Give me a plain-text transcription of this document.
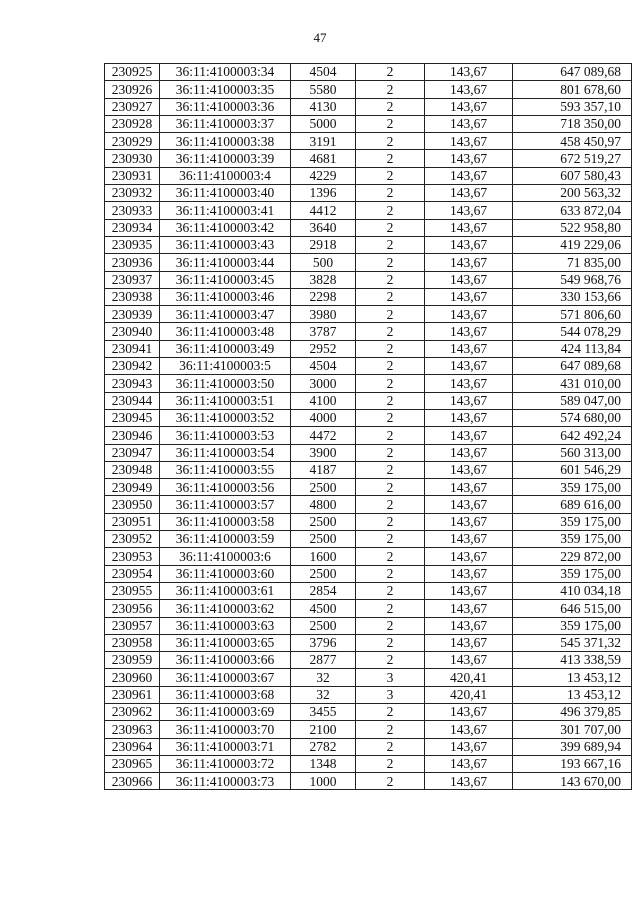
47
230925	36:11:4100003:34	4504	2	143,67	647 089,68
230926	36:11:4100003:35	5580	2	143,67	801 678,60
230927	36:11:4100003:36	4130	2	143,67	593 357,10
230928	36:11:4100003:37	5000	2	143,67	718 350,00
230929	36:11:4100003:38	3191	2	143,67	458 450,97
230930	36:11:4100003:39	4681	2	143,67	672 519,27
230931	36:11:4100003:4	4229	2	143,67	607 580,43
230932	36:11:4100003:40	1396	2	143,67	200 563,32
230933	36:11:4100003:41	4412	2	143,67	633 872,04
230934	36:11:4100003:42	3640	2	143,67	522 958,80
230935	36:11:4100003:43	2918	2	143,67	419 229,06
230936	36:11:4100003:44	500	2	143,67	71 835,00
230937	36:11:4100003:45	3828	2	143,67	549 968,76
230938	36:11:4100003:46	2298	2	143,67	330 153,66
230939	36:11:4100003:47	3980	2	143,67	571 806,60
230940	36:11:4100003:48	3787	2	143,67	544 078,29
230941	36:11:4100003:49	2952	2	143,67	424 113,84
230942	36:11:4100003:5	4504	2	143,67	647 089,68
230943	36:11:4100003:50	3000	2	143,67	431 010,00
230944	36:11:4100003:51	4100	2	143,67	589 047,00
230945	36:11:4100003:52	4000	2	143,67	574 680,00
230946	36:11:4100003:53	4472	2	143,67	642 492,24
230947	36:11:4100003:54	3900	2	143,67	560 313,00
230948	36:11:4100003:55	4187	2	143,67	601 546,29
230949	36:11:4100003:56	2500	2	143,67	359 175,00
230950	36:11:4100003:57	4800	2	143,67	689 616,00
230951	36:11:4100003:58	2500	2	143,67	359 175,00
230952	36:11:4100003:59	2500	2	143,67	359 175,00
230953	36:11:4100003:6	1600	2	143,67	229 872,00
230954	36:11:4100003:60	2500	2	143,67	359 175,00
230955	36:11:4100003:61	2854	2	143,67	410 034,18
230956	36:11:4100003:62	4500	2	143,67	646 515,00
230957	36:11:4100003:63	2500	2	143,67	359 175,00
230958	36:11:4100003:65	3796	2	143,67	545 371,32
230959	36:11:4100003:66	2877	2	143,67	413 338,59
230960	36:11:4100003:67	32	3	420,41	13 453,12
230961	36:11:4100003:68	32	3	420,41	13 453,12
230962	36:11:4100003:69	3455	2	143,67	496 379,85
230963	36:11:4100003:70	2100	2	143,67	301 707,00
230964	36:11:4100003:71	2782	2	143,67	399 689,94
230965	36:11:4100003:72	1348	2	143,67	193 667,16
230966	36:11:4100003:73	1000	2	143,67	143 670,00
